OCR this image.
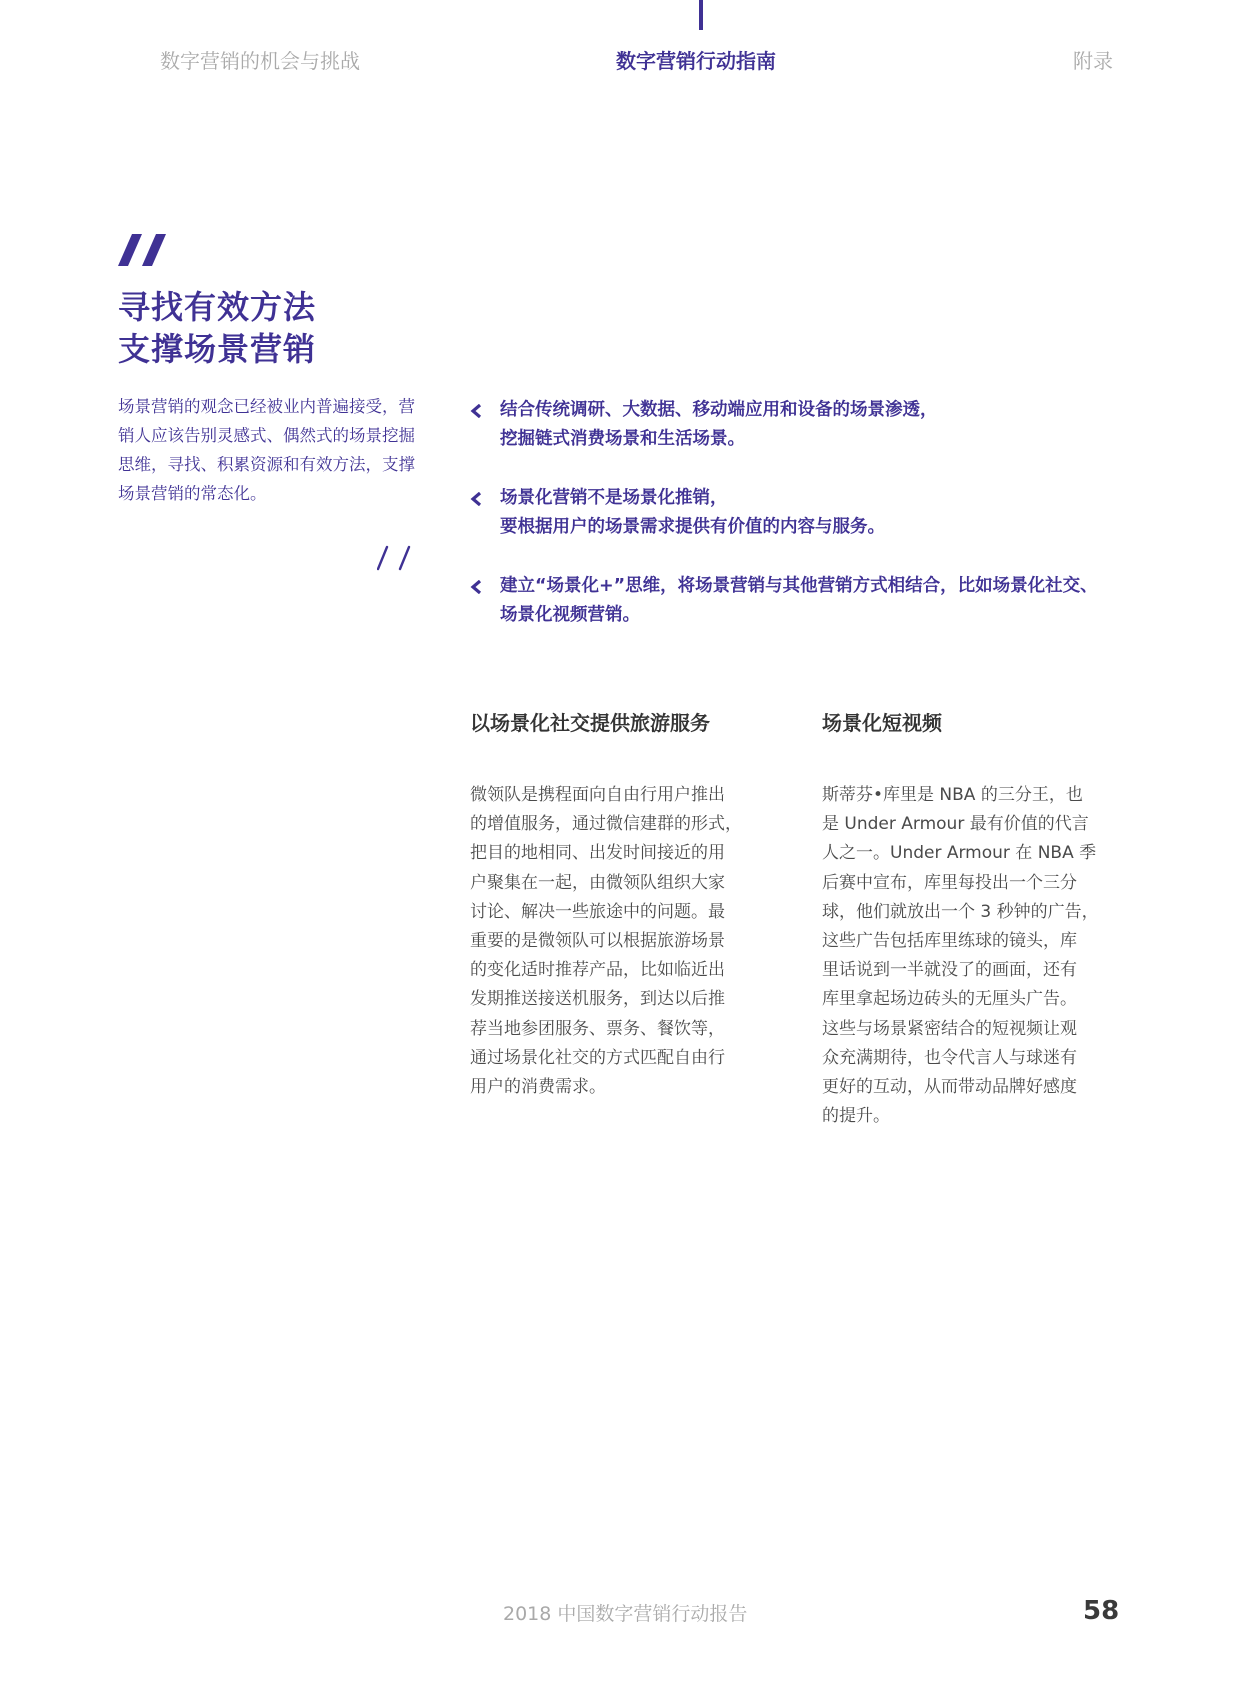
数字营销的机会与挑战	数字营销行动指南	附录
寻找有效方法
支撑场景营销

场景营销的观念已经被业内普遍接受，营销人应该告别灵感式、偶然式的场景挖掘思维，寻找、积累资源和有效方法，支撑场景营销的常态化。

结合传统调研、大数据、移动端应用和设备的场景渗透，
挖掘链式消费场景和生活场景。
场景化营销不是场景化推销，
要根据用户的场景需求提供有价值的内容与服务。
建立“场景化+”思维，将场景营销与其他营销方式相结合，比如场景化社交、
场景化视频营销。
以场景化社交提供旅游服务

微领队是携程面向自由行用户推出
的增值服务，通过微信建群的形式，
把目的地相同、出发时间接近的用
户聚集在一起，由微领队组织大家
讨论、解决一些旅途中的问题。最
重要的是微领队可以根据旅游场景
的变化适时推荐产品，比如临近出
发期推送接送机服务，到达以后推
荐当地参团服务、票务、餐饮等，
通过场景化社交的方式匹配自由行
用户的消费需求。

场景化短视频

斯蒂芬•库里是 NBA 的三分王，也
是 Under Armour 最有价值的代言
人之一。Under Armour 在 NBA 季
后赛中宣布，库里每投出一个三分
球，他们就放出一个 3 秒钟的广告，
这些广告包括库里练球的镜头，库
里话说到一半就没了的画面，还有
库里拿起场边砖头的无厘头广告。
这些与场景紧密结合的短视频让观
众充满期待，也令代言人与球迷有
更好的互动，从而带动品牌好感度
的提升。

2018 中国数字营销行动报告	58
